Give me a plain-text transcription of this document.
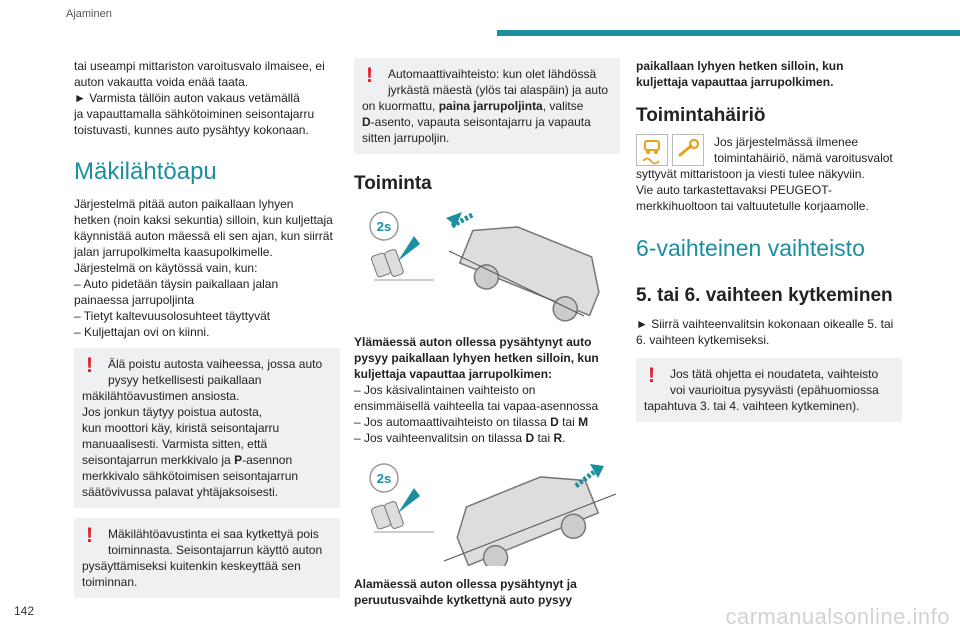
Ajaminen

tai useampi mittariston varoitusvalo ilmaisee, ei

auton vakautta voida enää taata.

► Varmista tällöin auton vakaus vetämällä

ja vapauttamalla sähkötoiminen seisontajarru

toistuvasti, kunnes auto pysähtyy kokonaan.

Mäkilähtöapu

Järjestelmä pitää auton paikallaan lyhyen

hetken (noin kaksi sekuntia) silloin, kun kuljettaja

käynnistää auton mäessä eli sen ajan, kun siirrät

jalan jarrupolkimelta kaasupolkimelle.

Järjestelmä on käytössä vain, kun:

– Auto pidetään täysin paikallaan jalan

painaessa jarrupoljinta

– Tietyt kaltevuusolosuhteet täyttyvät

– Kuljettajan ovi on kiinni.

!	Älä poistu autosta vaiheessa, jossa auto

pysyy hetkellisesti paikallaan

mäkilähtöavustimen ansiosta.

Jos jonkun täytyy poistua autosta,

kun moottori käy, kiristä seisontajarru

manuaalisesti. Varmista sitten, että

seisontajarrun merkkivalo ja P-asennon

merkkivalo sähkötoimisen seisontajarrun

säätövivussa palavat yhtäjaksoisesti.

!	Mäkilähtöavustinta ei saa kytkettyä pois

toiminnasta. Seisontajarrun käyttö auton

pysäyttämiseksi kuitenkin keskeyttää sen

toiminnan.

!	Automaattivaihteisto: kun olet lähdössä

jyrkästä mäestä (ylös tai alaspäin) ja auto

on kuormattu, paina jarrupoljinta, valitse

D-asento, vapauta seisontajarru ja vapauta

sitten jarrupoljin.

Toiminta
2s

Ylämäessä auton ollessa pysähtynyt auto

pysyy paikallaan lyhyen hetken silloin, kun

kuljettaja vapauttaa jarrupolkimen:

– Jos käsivalintainen vaihteisto on

ensimmäisellä vaihteella tai vapaa-asennossa

– Jos automaattivaihteisto on tilassa D tai M

– Jos vaihteenvalitsin on tilassa D tai R.

2s

Alamäessä auton ollessa pysähtynyt ja

peruutusvaihde kytkettynä auto pysyy

paikallaan lyhyen hetken silloin, kun

kuljettaja vapauttaa jarrupolkimen.

Toimintahäiriö

Jos järjestelmässä ilmenee

toimintahäiriö, nämä varoitusvalot

syttyvät mittaristoon ja viesti tulee näkyviin.

Vie auto tarkastettavaksi PEUGEOT-

merkkihuoltoon tai valtuutetulle korjaamolle.

6-vaihteinen vaihteisto
5. tai 6. vaihteen kytkeminen

► Siirrä vaihteenvalitsin kokonaan oikealle 5. tai

6. vaihteen kytkemiseksi.

!	Jos tätä ohjetta ei noudateta, vaihteisto

voi vaurioitua pysyvästi (epähuomiossa

tapahtuva 3. tai 4. vaihteen kytkeminen).

142	carmanualsonline.info
